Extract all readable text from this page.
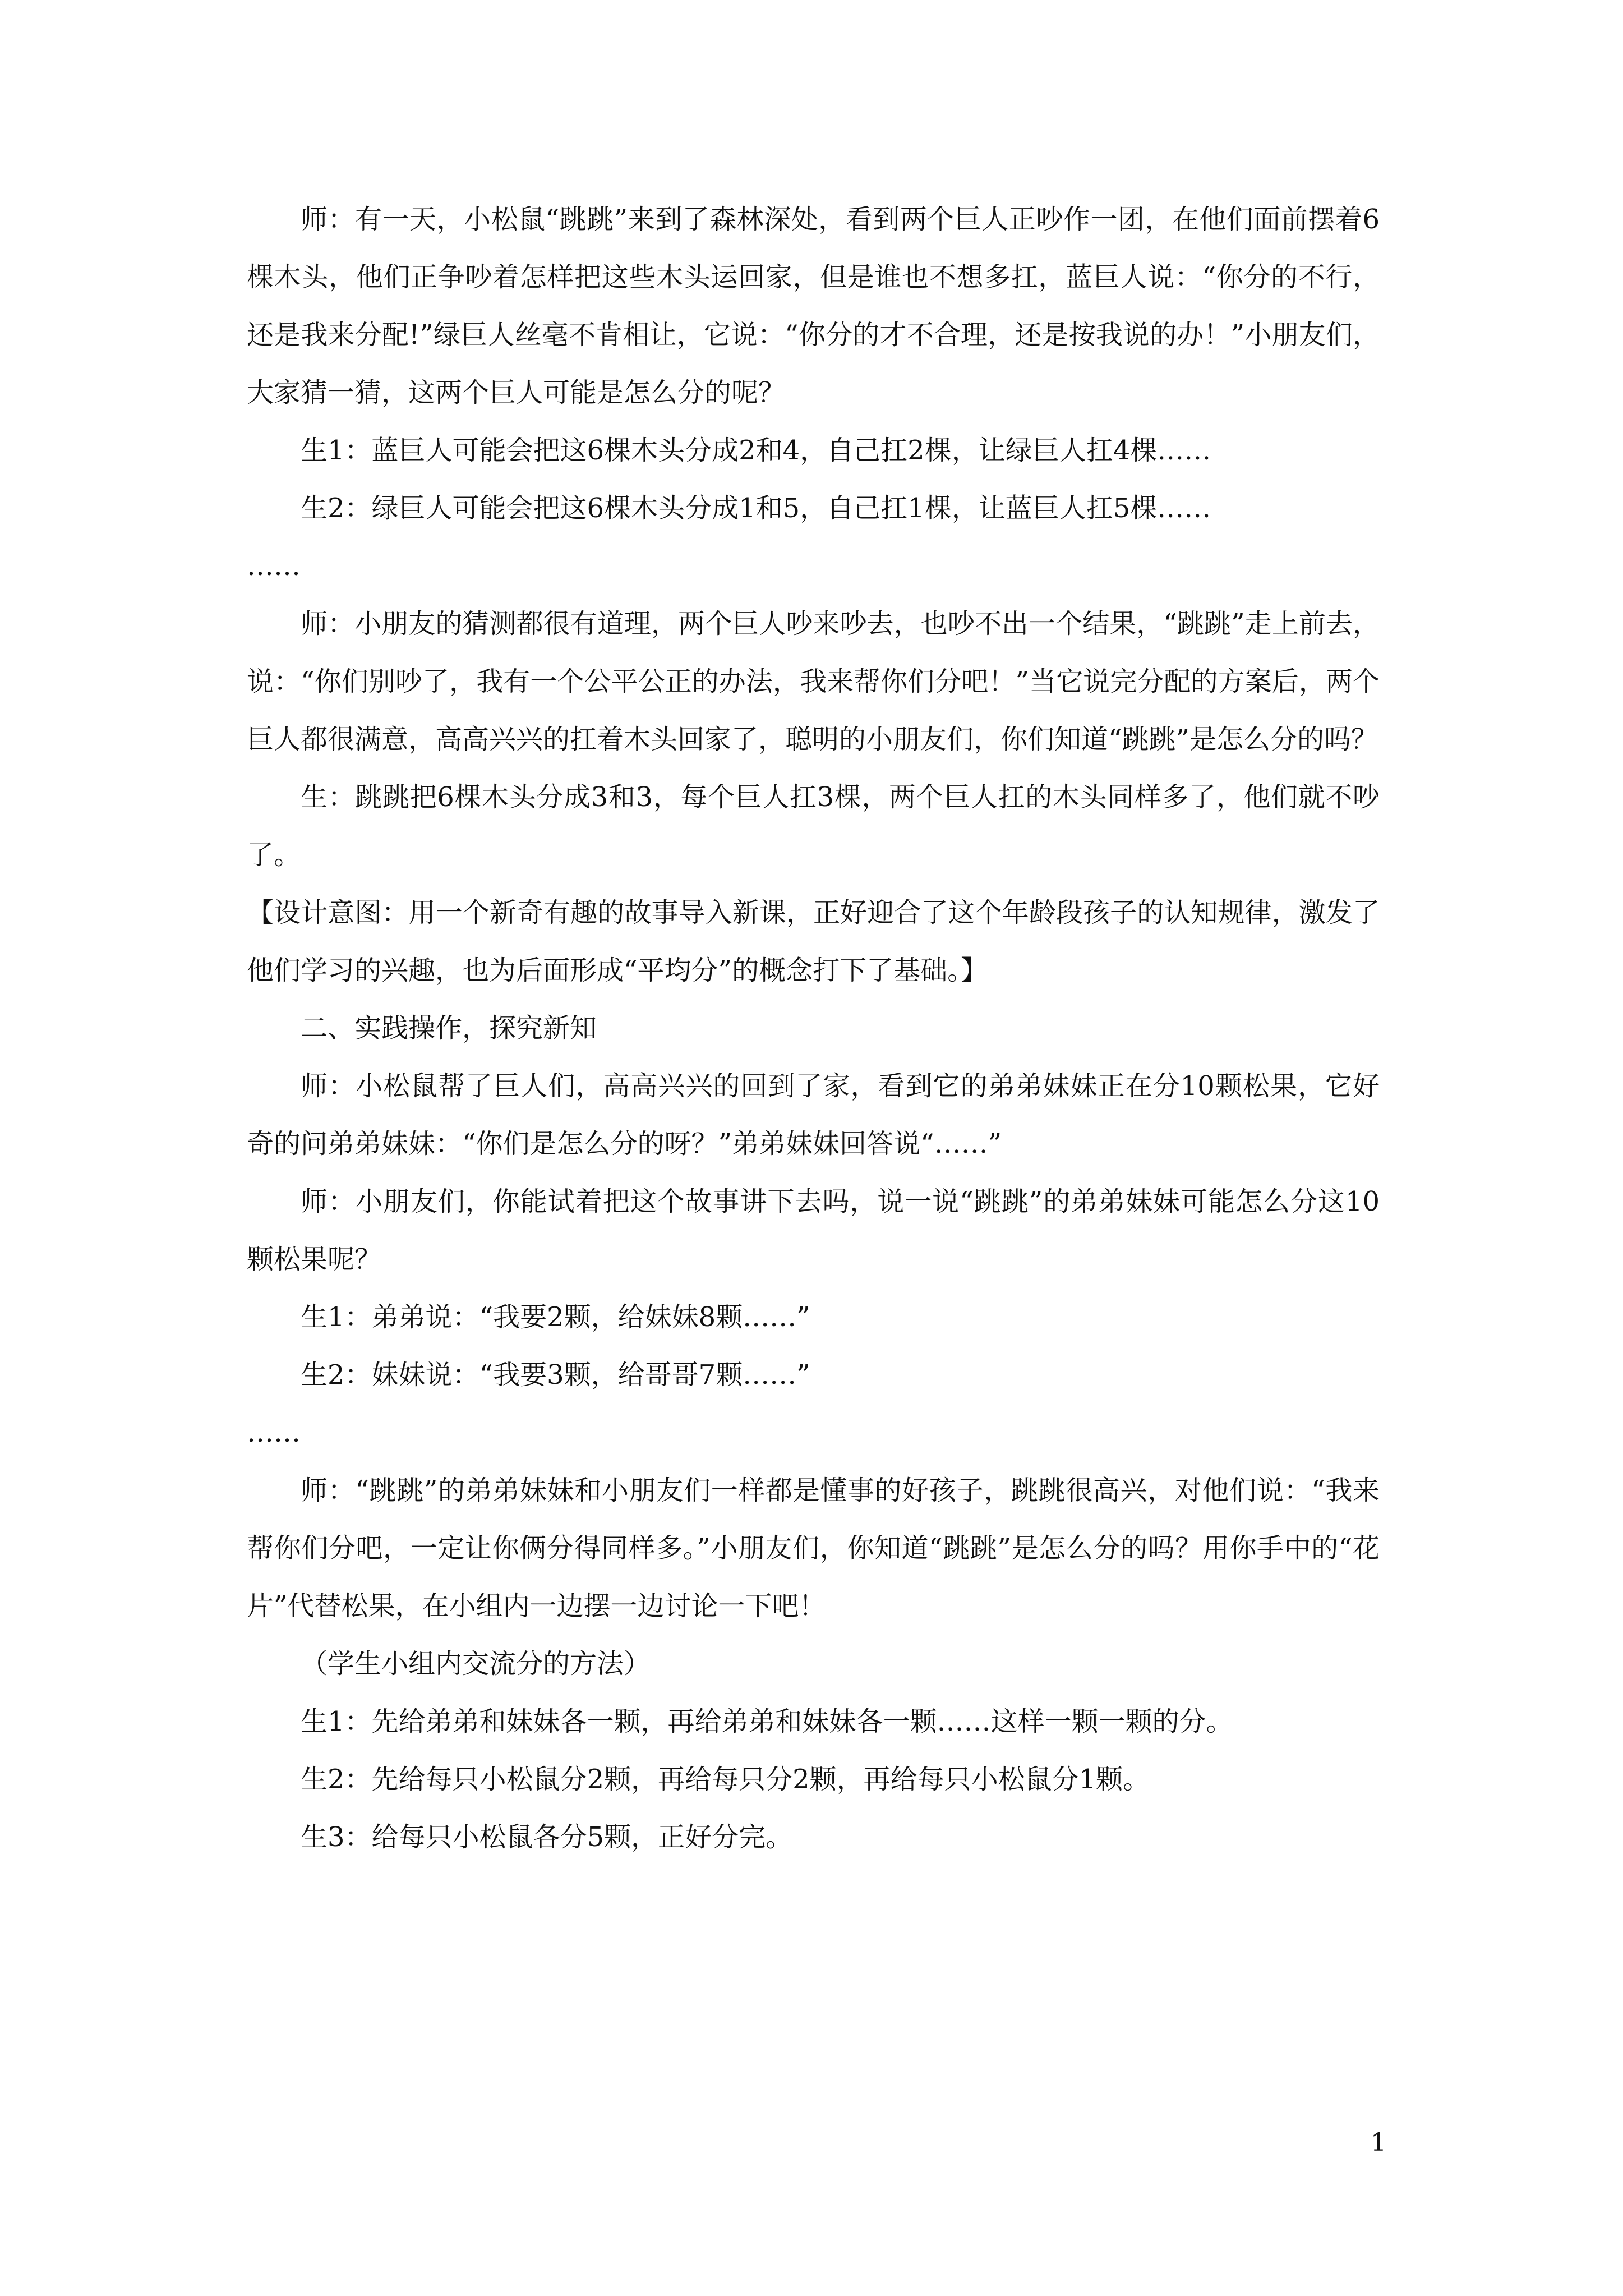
师：有一天，小松鼠“跳跳”来到了森林深处，看到两个巨人正吵作一团，在他们面前摆着6棵木头，他们正争吵着怎样把这些木头运回家，但是谁也不想多扛，蓝巨人说：“你分的不行，还是我来分配!”绿巨人丝毫不肯相让，它说：“你分的才不合理，还是按我说的办！”小朋友们，大家猜一猜，这两个巨人可能是怎么分的呢？

生1：蓝巨人可能会把这6棵木头分成2和4，自己扛2棵，让绿巨人扛4棵……

生2：绿巨人可能会把这6棵木头分成1和5，自己扛1棵，让蓝巨人扛5棵……

……

师：小朋友的猜测都很有道理，两个巨人吵来吵去，也吵不出一个结果，“跳跳”走上前去，说：“你们别吵了，我有一个公平公正的办法，我来帮你们分吧！”当它说完分配的方案后，两个巨人都很满意，高高兴兴的扛着木头回家了，聪明的小朋友们，你们知道“跳跳”是怎么分的吗？

生：跳跳把6棵木头分成3和3，每个巨人扛3棵，两个巨人扛的木头同样多了，他们就不吵了。

【设计意图：用一个新奇有趣的故事导入新课，正好迎合了这个年龄段孩子的认知规律，激发了他们学习的兴趣，也为后面形成“平均分”的概念打下了基础。】

二、实践操作，探究新知

师：小松鼠帮了巨人们，高高兴兴的回到了家，看到它的弟弟妹妹正在分10颗松果，它好奇的问弟弟妹妹：“你们是怎么分的呀？”弟弟妹妹回答说“……”

师：小朋友们，你能试着把这个故事讲下去吗，说一说“跳跳”的弟弟妹妹可能怎么分这10颗松果呢？

生1：弟弟说：“我要2颗，给妹妹8颗……”

生2：妹妹说：“我要3颗，给哥哥7颗……”

……

师：“跳跳”的弟弟妹妹和小朋友们一样都是懂事的好孩子，跳跳很高兴，对他们说：“我来帮你们分吧，一定让你俩分得同样多。”小朋友们，你知道“跳跳”是怎么分的吗？用你手中的“花片”代替松果，在小组内一边摆一边讨论一下吧！

（学生小组内交流分的方法）

生1：先给弟弟和妹妹各一颗，再给弟弟和妹妹各一颗……这样一颗一颗的分。

生2：先给每只小松鼠分2颗，再给每只分2颗，再给每只小松鼠分1颗。

生3：给每只小松鼠各分5颗，正好分完。

1
